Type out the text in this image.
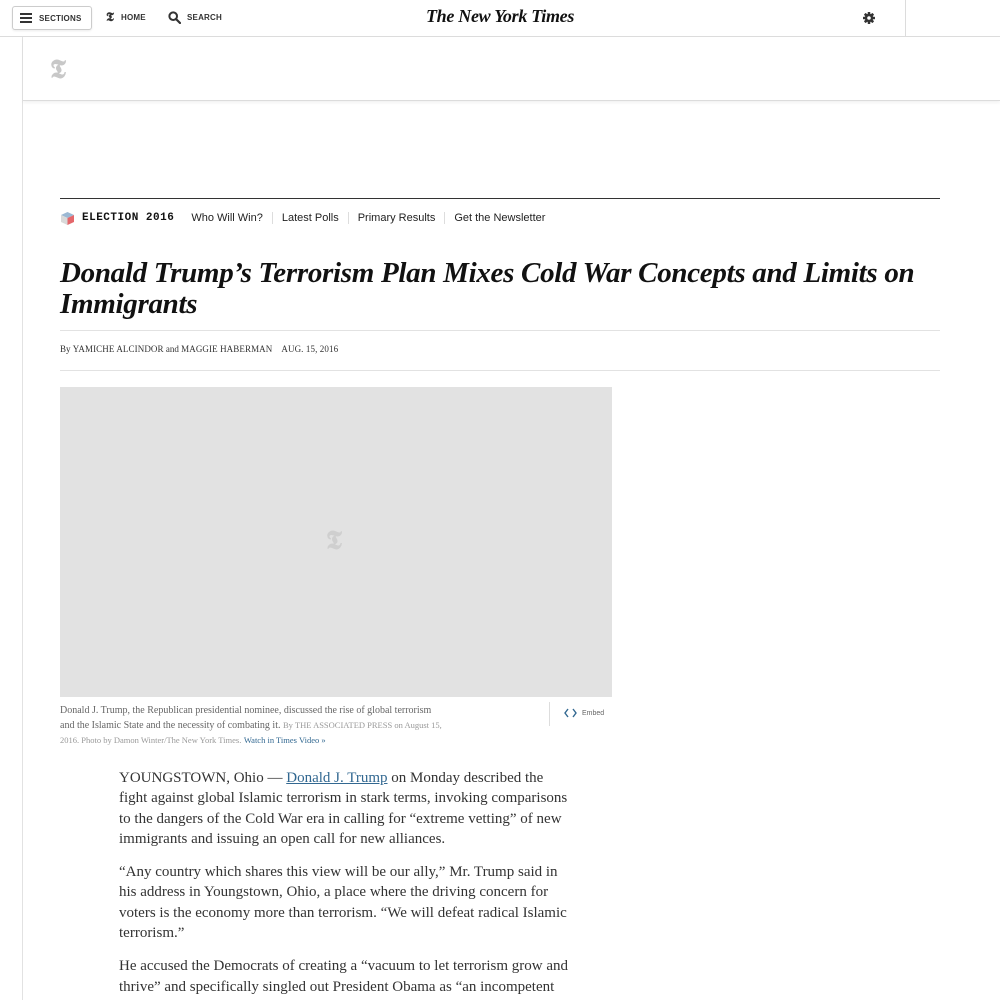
SECTIONS 𝕿 HOME	SEARCH	The New York Times
𝕿
ELECTION 2016 Who Will Win?	Latest Polls	Primary Results	Get the Newsletter
Donald Trump’s Terrorism Plan Mixes Cold War Concepts and Limits on Immigrants
By YAMICHE ALCINDOR and MAGGIE HABERMAN AUG. 15, 2016
𝕿
Donald J. Trump, the Republican presidential nominee, discussed the rise of global terrorism and the Islamic State and the necessity of combating it. By THE ASSOCIATED PRESS on August 15, 2016. Photo by Damon Winter/The New York Times. Watch in Times Video »
Embed

YOUNGSTOWN, Ohio — Donald J. Trump on Monday described the fight against global Islamic terrorism in stark terms, invoking comparisons to the dangers of the Cold War era in calling for “extreme vetting” of new immigrants and issuing an open call for new alliances.

“Any country which shares this view will be our ally,” Mr. Trump said in his address in Youngstown, Ohio, a place where the driving concern for voters is the economy more than terrorism. “We will defeat radical Islamic terrorism.”

He accused the Democrats of creating a “vacuum to let terrorism grow and thrive” and specifically singled out President Obama as “an incompetent
